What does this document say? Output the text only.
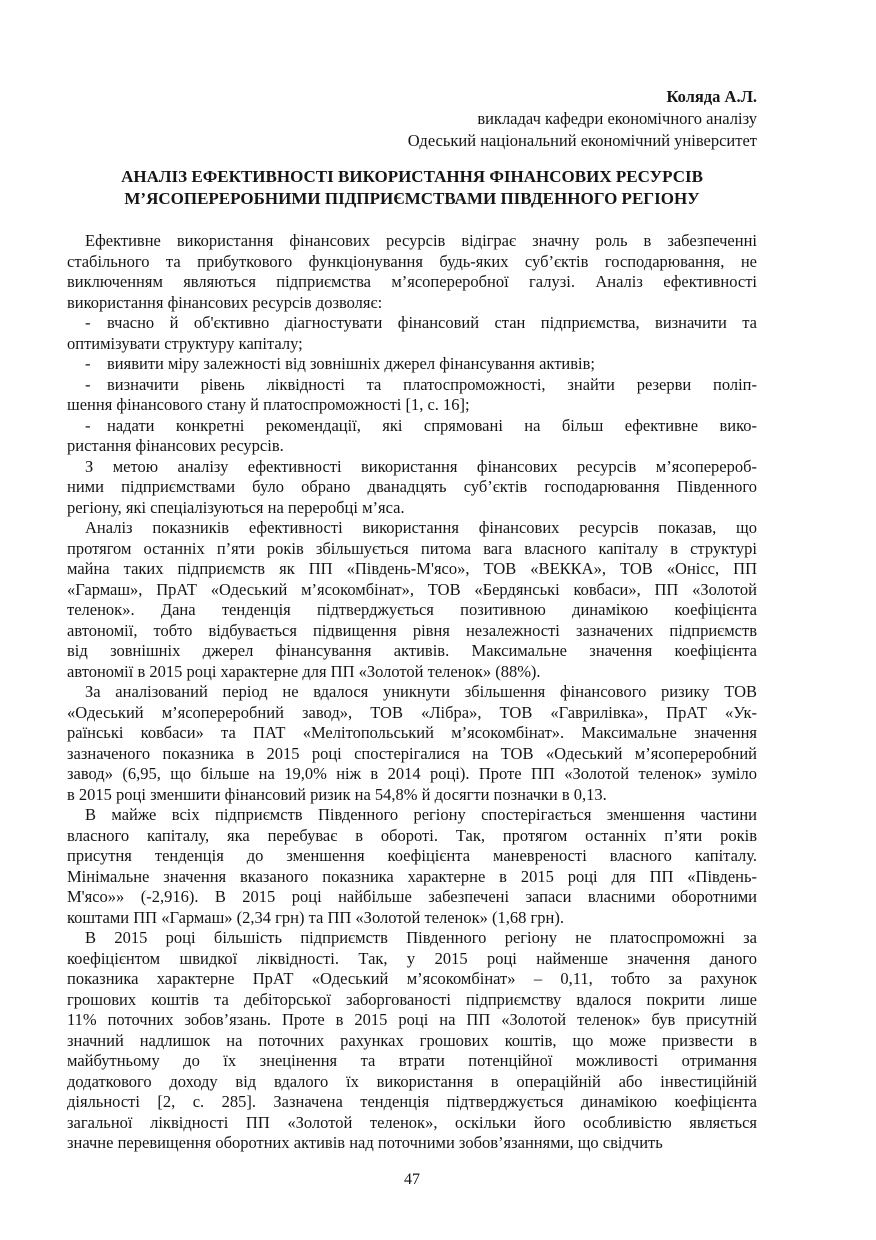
Коляда А.Л.
викладач кафедри економічного аналізу
Одеський національний економічний університет
АНАЛІЗ ЕФЕКТИВНОСТІ ВИКОРИСТАННЯ ФІНАНСОВИХ РЕСУРСІВ
М’ЯСОПЕРЕРОБНИМИ ПІДПРИЄМСТВАМИ ПІВДЕННОГО РЕГІОНУ
Ефективне використання фінансових ресурсів відіграє значну роль в забезпеченні
стабільного та прибуткового функціонування будь-яких суб’єктів господарювання, не
виключенням являються підприємства м’ясопереробної галузі. Аналіз ефективності
використання фінансових ресурсів дозволяє:
- вчасно й об'єктивно діагностувати фінансовий стан підприємства, визначити та
оптимізувати структуру капіталу;
- виявити міру залежності від зовнішніх джерел фінансування активів;
- визначити рівень ліквідності та платоспроможності, знайти резерви поліп-
шення фінансового стану й платоспроможності [1, с. 16];
- надати конкретні рекомендації, які спрямовані на більш ефективне вико-
ристання фінансових ресурсів.
З метою аналізу ефективності використання фінансових ресурсів м’ясоперероб-
ними підприємствами було обрано дванадцять суб’єктів господарювання Південного
регіону, які спеціалізуються на переробці м’яса.
Аналіз показників ефективності використання фінансових ресурсів показав, що
протягом останніх п’яти років збільшується питома вага власного капіталу в структурі
майна таких підприємств як ПП «Південь-М'ясо», ТОВ «ВЕККА», ТОВ «Онісс, ПП
«Гармаш», ПрАТ «Одеський м’ясокомбінат», ТОВ «Бердянські ковбаси», ПП «Золотой
теленок». Дана тенденція підтверджується позитивною динамікою коефіцієнта
автономії, тобто відбувається підвищення рівня незалежності зазначених підприємств
від зовнішніх джерел фінансування активів. Максимальне значення коефіцієнта
автономії в 2015 році характерне для ПП «Золотой теленок» (88%).
За аналізований період не вдалося уникнути збільшення фінансового ризику ТОВ
«Одеський м’ясопереробний завод», ТОВ «Лібра», ТОВ «Гаврилівка», ПрАТ «Ук-
раїнські ковбаси» та ПАТ «Мелітопольський м’ясокомбінат». Максимальне значення
зазначеного показника в 2015 році спостерігалися на ТОВ «Одеський м’ясопереробний
завод» (6,95, що більше на 19,0% ніж в 2014 році). Проте ПП «Золотой теленок» зуміло
в 2015 році зменшити фінансовий ризик на 54,8% й досягти позначки в 0,13.
В майже всіх підприємств Південного регіону спостерігається зменшення частини
власного капіталу, яка перебуває в обороті. Так, протягом останніх п’яти років
присутня тенденція до зменшення коефіцієнта маневреності власного капіталу.
Мінімальне значення вказаного показника характерне в 2015 році для ПП «Південь-
М'ясо»» (-2,916). В 2015 році найбільше забезпечені запаси власними оборотними
коштами ПП «Гармаш» (2,34 грн) та ПП «Золотой теленок» (1,68 грн).
В 2015 році більшість підприємств Південного регіону не платоспроможні за
коефіцієнтом швидкої ліквідності. Так, у 2015 році найменше значення даного
показника характерне ПрАТ «Одеський м’ясокомбінат» – 0,11, тобто за рахунок
грошових коштів та дебіторської заборгованості підприємству вдалося покрити лише
11% поточних зобов’язань. Проте в 2015 році на ПП «Золотой теленок» був присутній
значний надлишок на поточних рахунках грошових коштів, що може призвести в
майбутньому до їх знецінення та втрати потенційної можливості отримання
додаткового доходу від вдалого їх використання в операційній або інвестиційній
діяльності [2, с. 285]. Зазначена тенденція підтверджується динамікою коефіцієнта
загальної ліквідності ПП «Золотой теленок», оскільки його особливістю являється
значне перевищення оборотних активів над поточними зобов’язаннями, що свідчить
47
